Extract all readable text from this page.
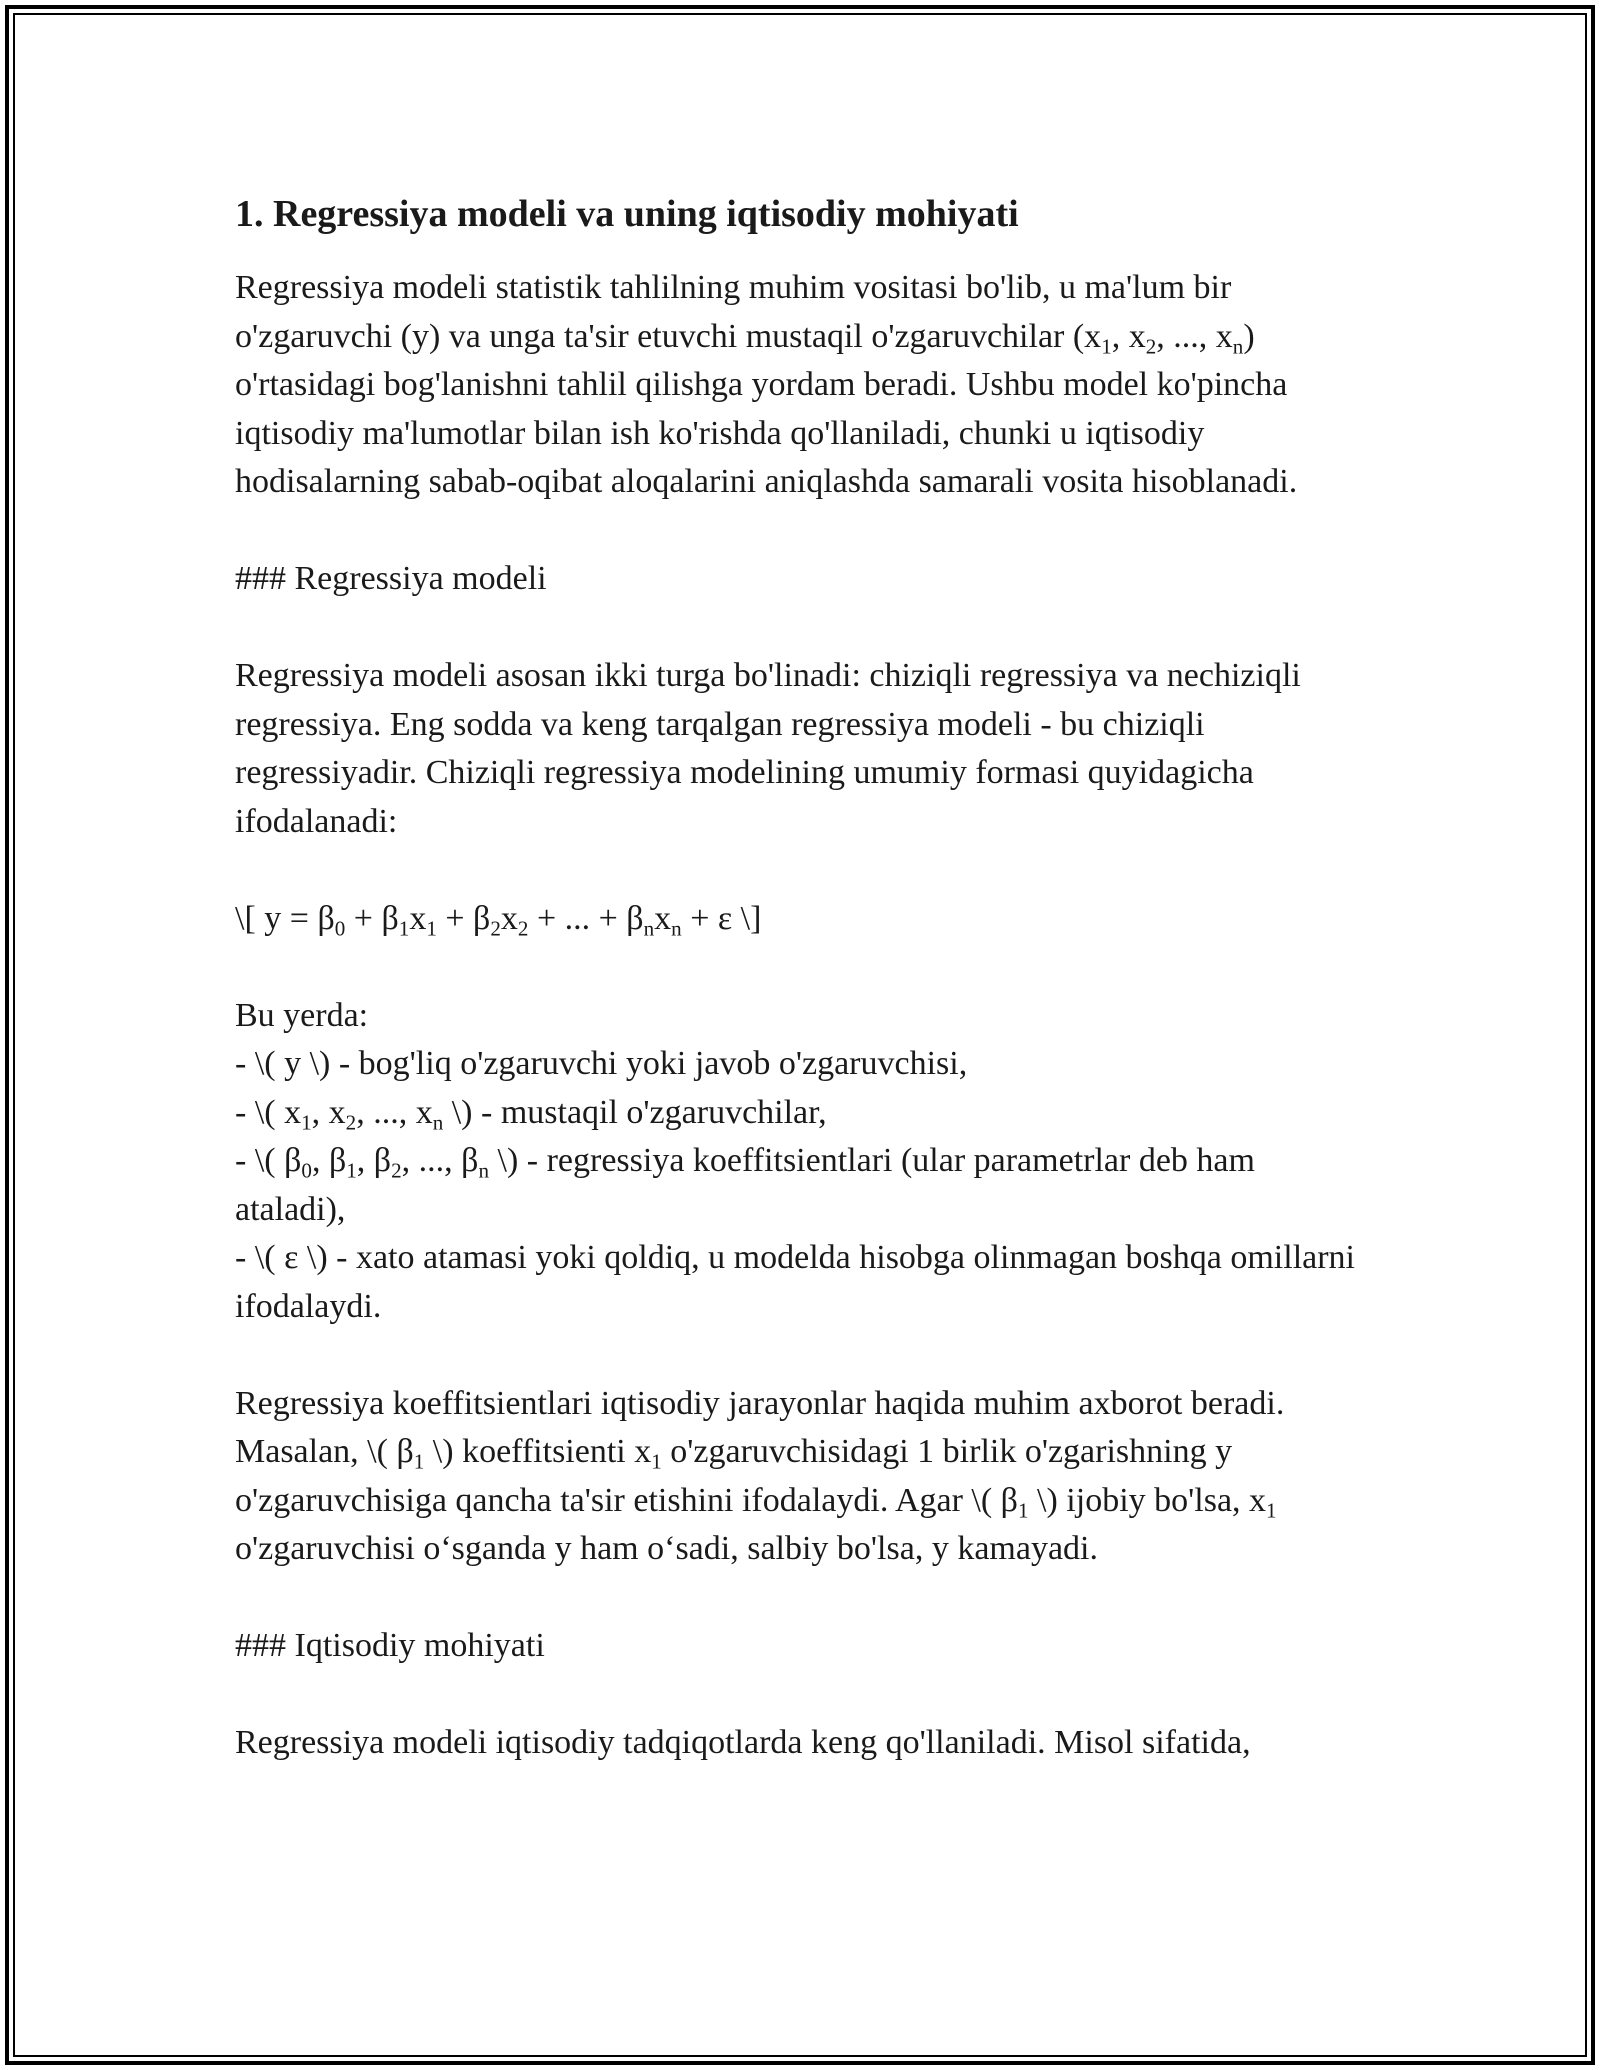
1. Regressiya modeli va uning iqtisodiy mohiyati

Regressiya modeli statistik tahlilning muhim vositasi bo'lib, u ma'lum bir o'zgaruvchi (y) va unga ta'sir etuvchi mustaqil o'zgaruvchilar ($x_1$, $x_2$, ..., $x_n$) o'rtasidagi bog'lanishni tahlil qilishga yordam beradi. Ushbu model ko'pincha iqtisodiy ma'lumotlar bilan ish ko'rishda qo'llaniladi, chunki u iqtisodiy hodisalarning sabab-oqibat aloqalarini aniqlashda samarali vosita hisoblanadi.

### Regressiya modeli

Regressiya modeli asosan ikki turga bo'linadi: chiziqli regressiya va nechiziqli regressiya. Eng sodda va keng tarqalgan regressiya modeli - bu chiziqli regressiyadir. Chiziqli regressiya modelining umumiy formasi quyidagicha ifodalanadi:

\[ $y = \beta_0 + \beta_1x_1 + \beta_2x_2$ + ... + $\beta_nx_n + \varepsilon$ \]

Bu yerda:

- \( y \) - bog'liq o'zgaruvchi yoki javob o'zgaruvchisi,

- \( $x_1$, $x_2$, ..., $x_n$ \) - mustaqil o'zgaruvchilar,

- \( $\beta_0$, $\beta_1$, $\beta_2$, ..., $\beta_n$ \) - regressiya koeffitsientlari (ular parametrlar deb ham ataladi),

- \( ε \) - xato atamasi yoki qoldiq, u modelda hisobga olinmagan boshqa omillarni ifodalaydi.

Regressiya koeffitsientlari iqtisodiy jarayonlar haqida muhim axborot beradi. Masalan, \( $\beta_1$ \) koeffitsienti $x_1$ o'zgaruvchisidagi 1 birlik o'zgarishning y o'zgaruvchisiga qancha ta'sir etishini ifodalaydi. Agar \( $\beta_1$ \) ijobiy bo'lsa, $x_1$ o'zgaruvchisi o‘sganda y ham o‘sadi, salbiy bo'lsa, y kamayadi.

### Iqtisodiy mohiyati

Regressiya modeli iqtisodiy tadqiqotlarda keng qo'llaniladi. Misol sifatida,
